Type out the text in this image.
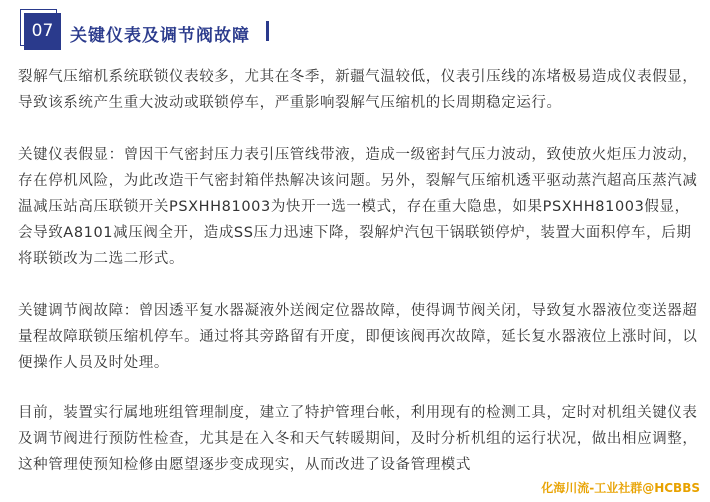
07 关键仪表及调节阀故障

裂解气压缩机系统联锁仪表较多，尤其在冬季，新疆气温较低，仪表引压线的冻堵极易造成仪表假显，导致该系统产生重大波动或联锁停车，严重影响裂解气压缩机的长周期稳定运行。

关键仪表假显：曾因干气密封压力表引压管线带液，造成一级密封气压力波动，致使放火炬压力波动，存在停机风险，为此改造干气密封箱伴热解决该问题。另外，裂解气压缩机透平驱动蒸汽超高压蒸汽减温减压站高压联锁开关PSXHH81003为快开一选一模式，存在重大隐患，如果PSXHH81003假显，会导致A8101减压阀全开，造成SS压力迅速下降，裂解炉汽包干锅联锁停炉，装置大面积停车，后期将联锁改为二选二形式。

关键调节阀故障：曾因透平复水器凝液外送阀定位器故障，使得调节阀关闭，导致复水器液位变送器超量程故障联锁压缩机停车。通过将其旁路留有开度，即便该阀再次故障，延长复水器液位上涨时间，以便操作人员及时处理。

目前，装置实行属地班组管理制度，建立了特护管理台帐，利用现有的检测工具，定时对机组关键仪表及调节阀进行预防性检查，尤其是在入冬和天气转暖期间，及时分析机组的运行状况，做出相应调整，这种管理使预知检修由愿望逐步变成现实，从而改进了设备管理模式

化海川流-工业社群@HCBBS
